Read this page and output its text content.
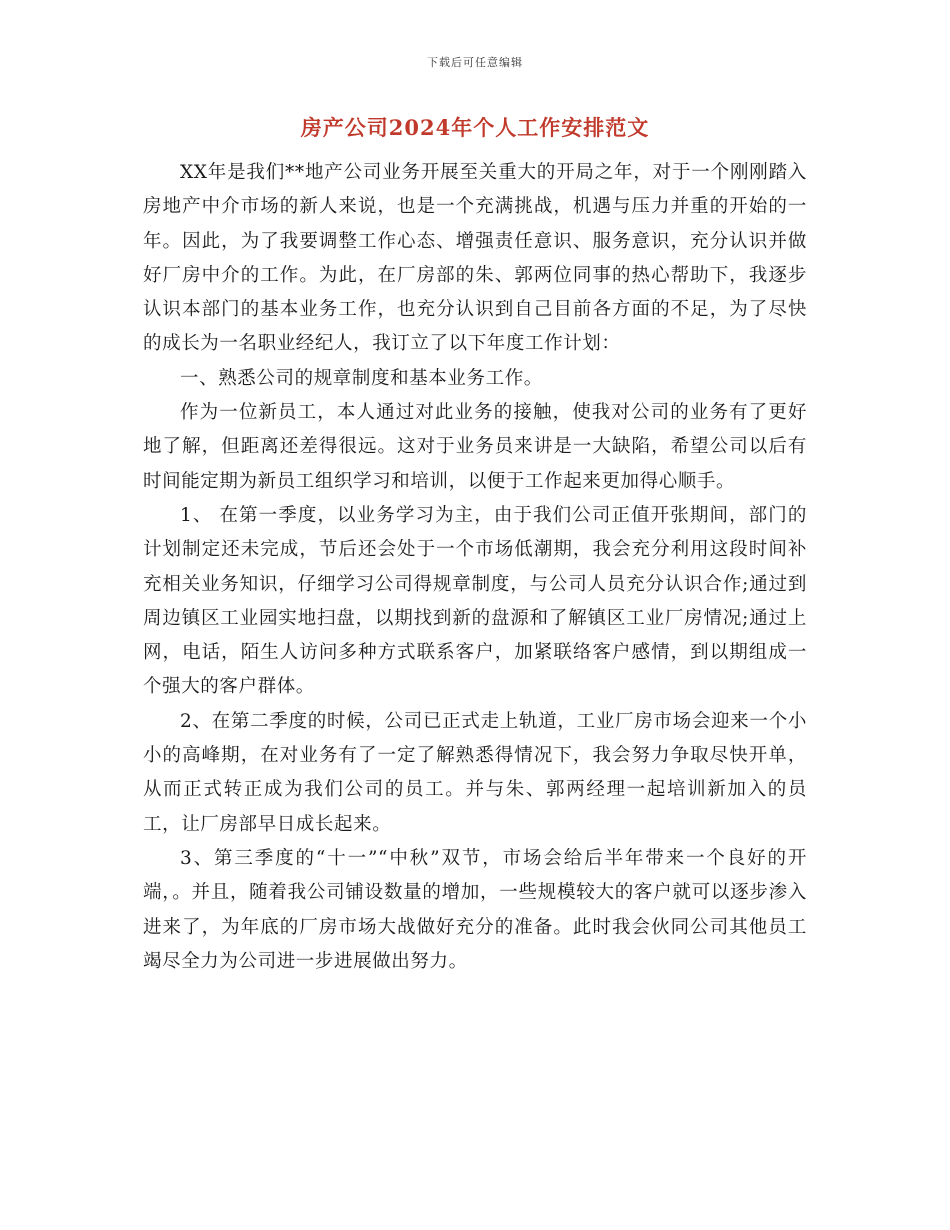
下载后可任意编辑
房产公司2024年个人工作安排范文

XX年是我们**地产公司业务开展至关重大的开局之年，对于一个刚刚踏入房地产中介市场的新人来说，也是一个充满挑战，机遇与压力并重的开始的一年。因此，为了我要调整工作心态、增强责任意识、服务意识，充分认识并做好厂房中介的工作。为此，在厂房部的朱、郭两位同事的热心帮助下，我逐步认识本部门的基本业务工作，也充分认识到自己目前各方面的不足，为了尽快的成长为一名职业经纪人，我订立了以下年度工作计划：

一、熟悉公司的规章制度和基本业务工作。

作为一位新员工，本人通过对此业务的接触，使我对公司的业务有了更好地了解，但距离还差得很远。这对于业务员来讲是一大缺陷，希望公司以后有时间能定期为新员工组织学习和培训，以便于工作起来更加得心顺手。

1、 在第一季度，以业务学习为主，由于我们公司正值开张期间，部门的计划制定还未完成，节后还会处于一个市场低潮期，我会充分利用这段时间补充相关业务知识，仔细学习公司得规章制度，与公司人员充分认识合作;通过到周边镇区工业园实地扫盘，以期找到新的盘源和了解镇区工业厂房情况;通过上网，电话，陌生人访问多种方式联系客户，加紧联络客户感情，到以期组成一个强大的客户群体。

2、在第二季度的时候，公司已正式走上轨道，工业厂房市场会迎来一个小小的高峰期，在对业务有了一定了解熟悉得情况下，我会努力争取尽快开单，从而正式转正成为我们公司的员工。并与朱、郭两经理一起培训新加入的员工，让厂房部早日成长起来。

3、第三季度的“十一”“中秋”双节，市场会给后半年带来一个良好的开端，。并且，随着我公司铺设数量的增加，一些规模较大的客户就可以逐步渗入进来了，为年底的厂房市场大战做好充分的准备。此时我会伙同公司其他员工竭尽全力为公司进一步进展做出努力。
